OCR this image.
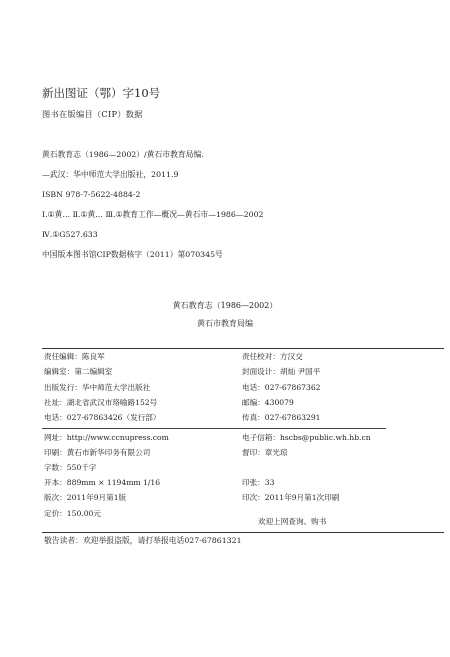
新出图证（鄂）字10号
图书在版编目（CIP）数据
黄石教育志（1986—2002）/黄石市教育局编.
—武汉：华中师范大学出版社，2011.9
ISBN 978-7-5622-4884-2
Ⅰ.①黄… Ⅱ.①黄… Ⅲ.①教育工作—概况—黄石市—1986—2002
Ⅳ.①G527.633
中国版本图书馆CIP数据核字（2011）第070345号
黄石教育志（1986—2002）
黄石市教育局编
责任编辑：陈良军
编辑室：第二编辑室
出版发行：华中师范大学出版社
社址：湖北省武汉市珞喻路152号
电话：027-67863426（发行部）
网址：http://www.ccnupress.com
印刷：黄石市新华印务有限公司
字数：550千字
开本：889mm × 1194mm 1/16
版次：2011年9月第1版
定价：150.00元
责任校对：方汉交
封面设计：胡灿 尹国平
电话：027-67867362
邮编：430079
传真：027-67863291
电子信箱：hscbs@public.wh.hb.cn
督印：章光琼
印张：33
印次：2011年9月第1次印刷
欢迎上网查询、购书
敬告读者：欢迎举报盗版，请打举报电话027-67861321
